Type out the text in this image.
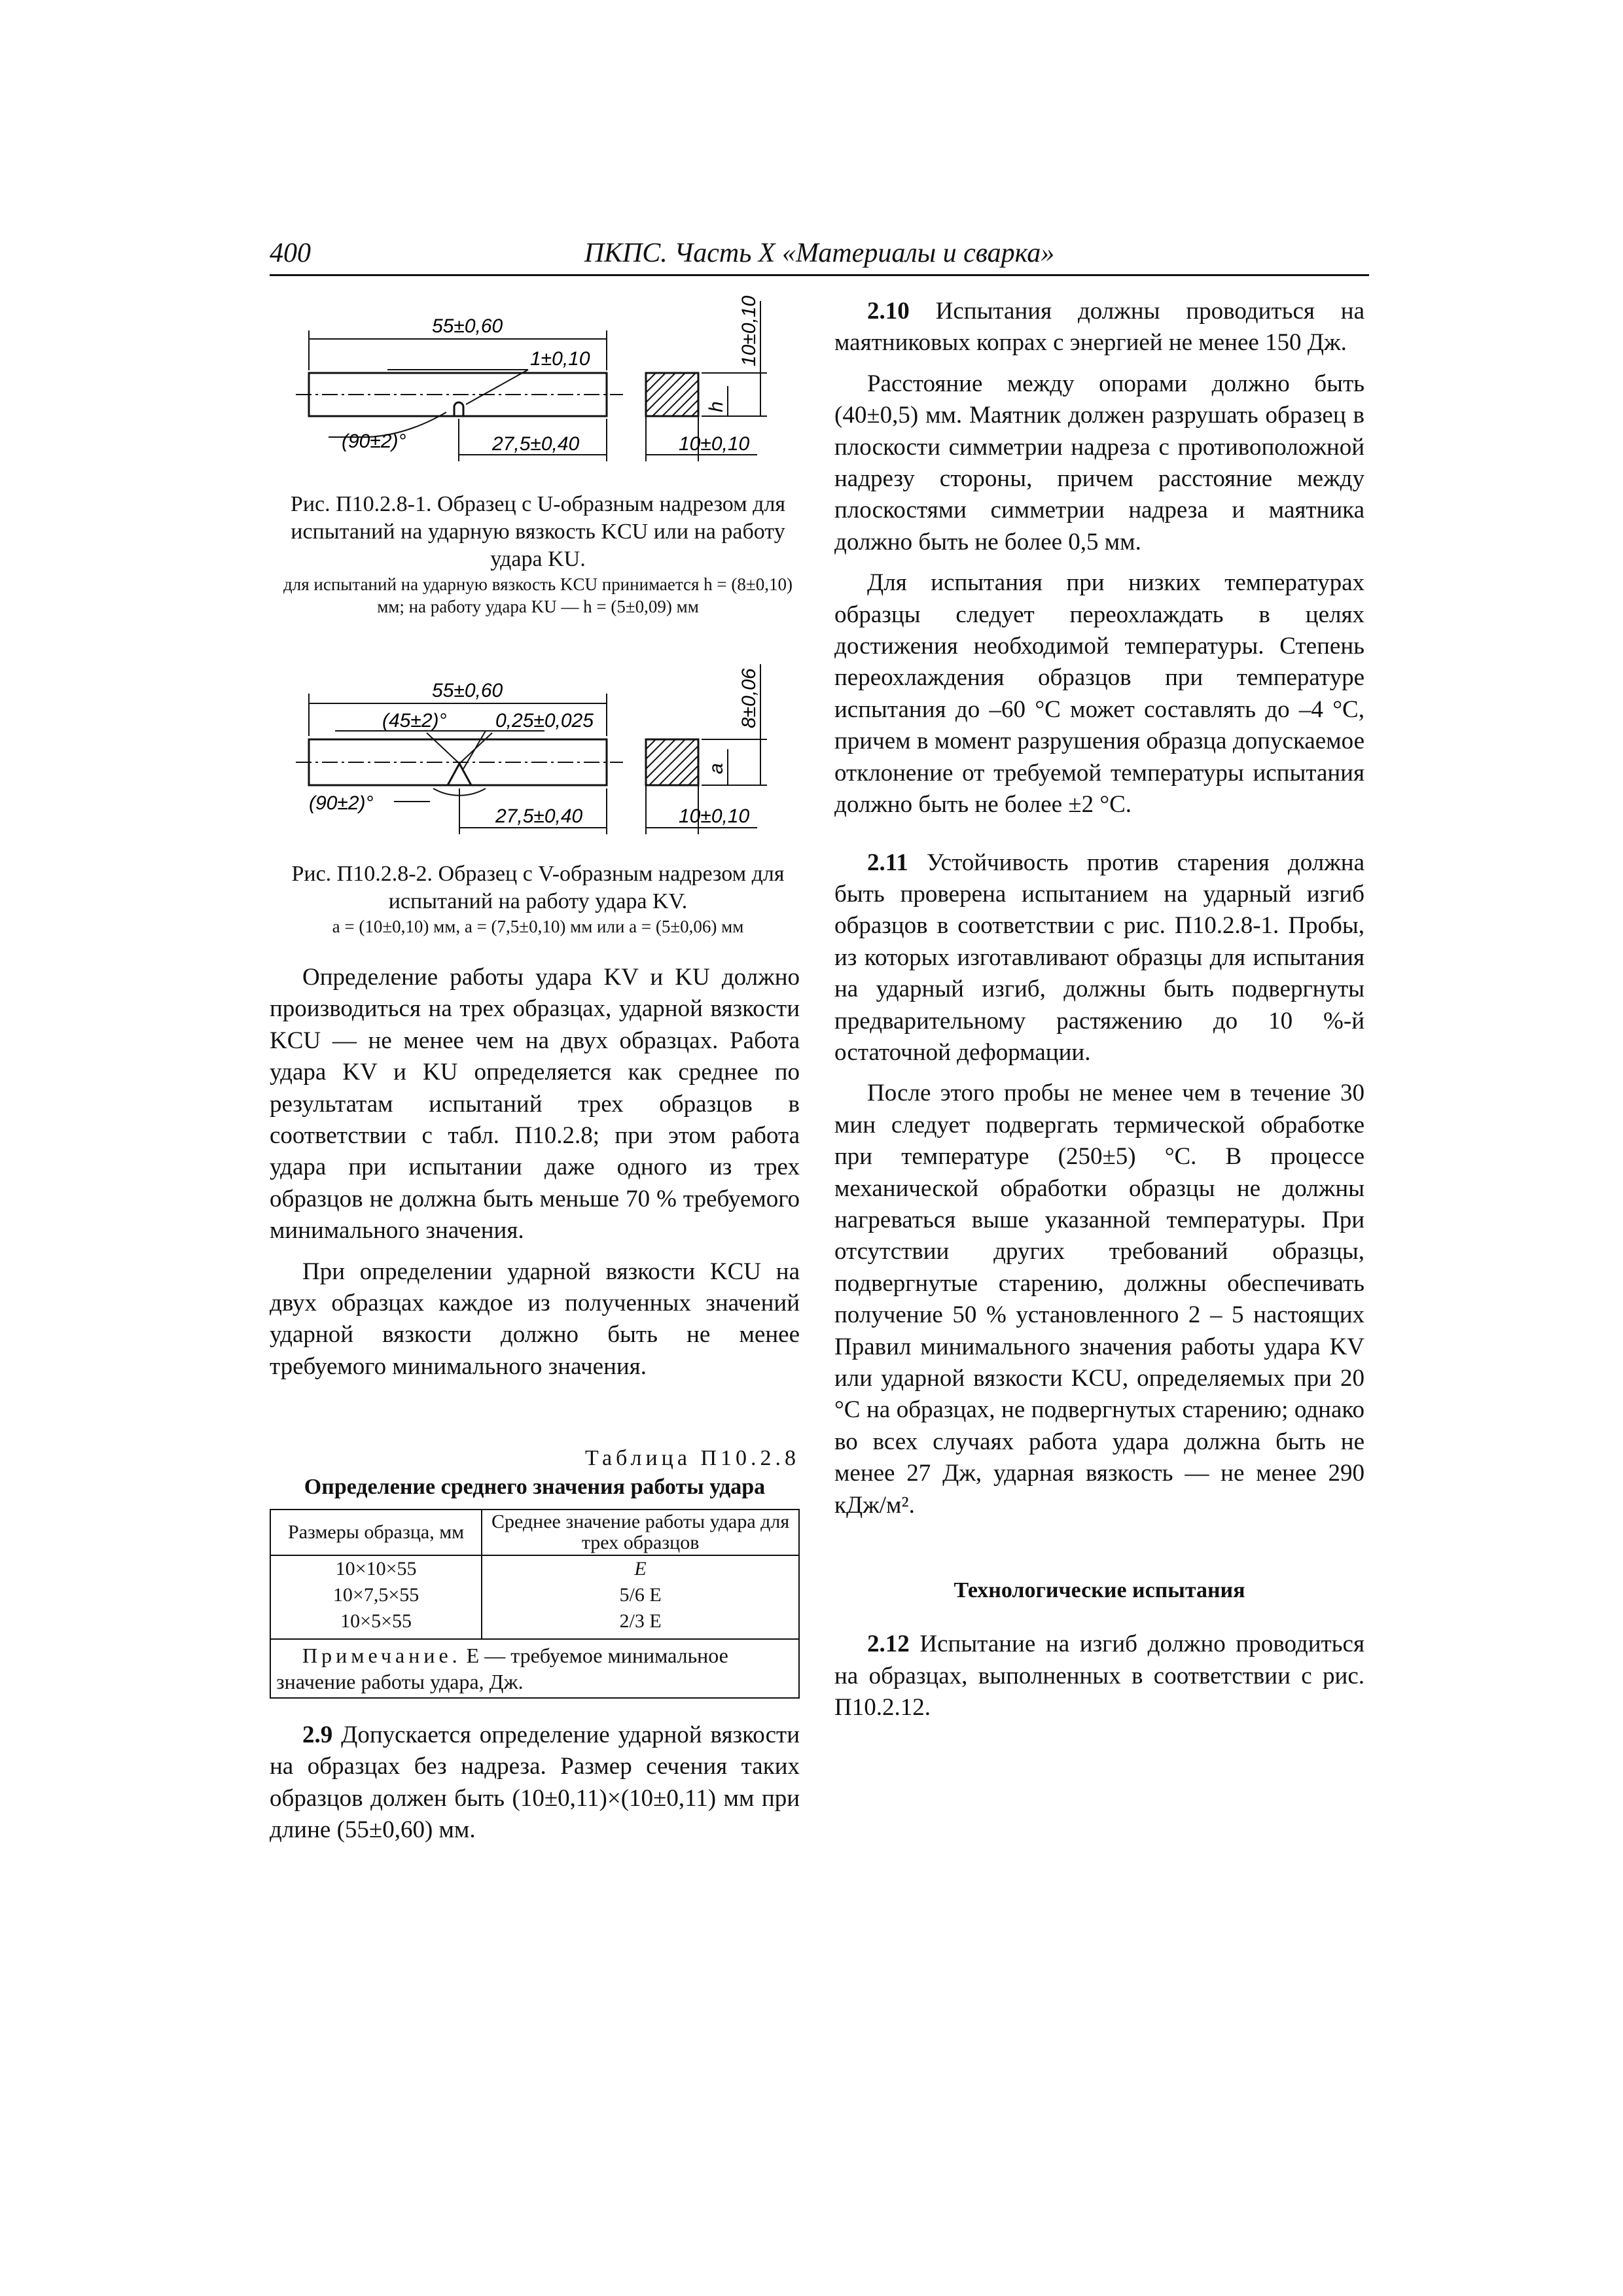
400	ПКПС. Часть X «Материалы и сварка»
55±0,60
1±0,10
27,5±0,40
(90±2)°	10±0,10
10±0,10
h
Рис. П10.2.8-1. Образец с U-образным надрезом для испытаний на ударную вязкость KCU или на работу удара KU.
для испытаний на ударную вязкость KCU принимается h = (8±0,10) мм; на работу удара KU — h = (5±0,09) мм
55±0,60
(45±2)° 0,25±0,025
(90±2)°
27,5±0,40	10±0,10
8±0,06
a
Рис. П10.2.8-2. Образец с V-образным надрезом для испытаний на работу удара KV.
a = (10±0,10) мм, a = (7,5±0,10) мм или a = (5±0,06) мм

Определение работы удара KV и KU должно производиться на трех образцах, ударной вязкости KCU — не менее чем на двух образцах. Работа удара KV и KU определяется как среднее по результатам испытаний трех образцов в соответствии с табл. П10.2.8; при этом работа удара при испытании даже одного из трех образцов не должна быть меньше 70 % требуемого минимального значения.

При определении ударной вязкости KCU на двух образцах каждое из полученных значений ударной вязкости должно быть не менее требуемого минимального значения.

Таблица П10.2.8
Определение среднего значения работы удара
Размеры образца, мм	Среднее значение работы удара для трех образцов
10×10×55	E
10×7,5×55	5/6 E
10×5×55	2/3 E
Примечание. E — требуемое минимальное значение работы удара, Дж.	

2.9 Допускается определение ударной вязкости на образцах без надреза. Размер сечения таких образцов должен быть (10±0,11)×(10±0,11) мм при длине (55±0,60) мм.

2.10 Испытания должны проводиться на маятниковых копрах с энергией не менее 150 Дж.

Расстояние между опорами должно быть (40±0,5) мм. Маятник должен разрушать образец в плоскости симметрии надреза с противоположной надрезу стороны, причем расстояние между плоскостями симметрии надреза и маятника должно быть не более 0,5 мм.

Для испытания при низких температурах образцы следует переохлаждать в целях достижения необходимой температуры. Степень переохлаждения образцов при температуре испытания до –60 °С может составлять до –4 °С, причем в момент разрушения образца допускаемое отклонение от требуемой температуры испытания должно быть не более ±2 °С.

2.11 Устойчивость против старения должна быть проверена испытанием на ударный изгиб образцов в соответствии с рис. П10.2.8-1. Пробы, из которых изготавливают образцы для испытания на ударный изгиб, должны быть подвергнуты предварительному растяжению до 10 %-й остаточной деформации.

После этого пробы не менее чем в течение 30 мин следует подвергать термической обработке при температуре (250±5) °С. В процессе механической обработки образцы не должны нагреваться выше указанной температуры. При отсутствии других требований образцы, подвергнутые старению, должны обеспечивать получение 50 % установленного 2 – 5 настоящих Правил минимального значения работы удара KV или ударной вязкости KCU, определяемых при 20 °С на образцах, не подвергнутых старению; однако во всех случаях работа удара должна быть не менее 27 Дж, ударная вязкость — не менее 290 кДж/м².

Технологические испытания

2.12 Испытание на изгиб должно проводиться на образцах, выполненных в соответствии с рис. П10.2.12.
